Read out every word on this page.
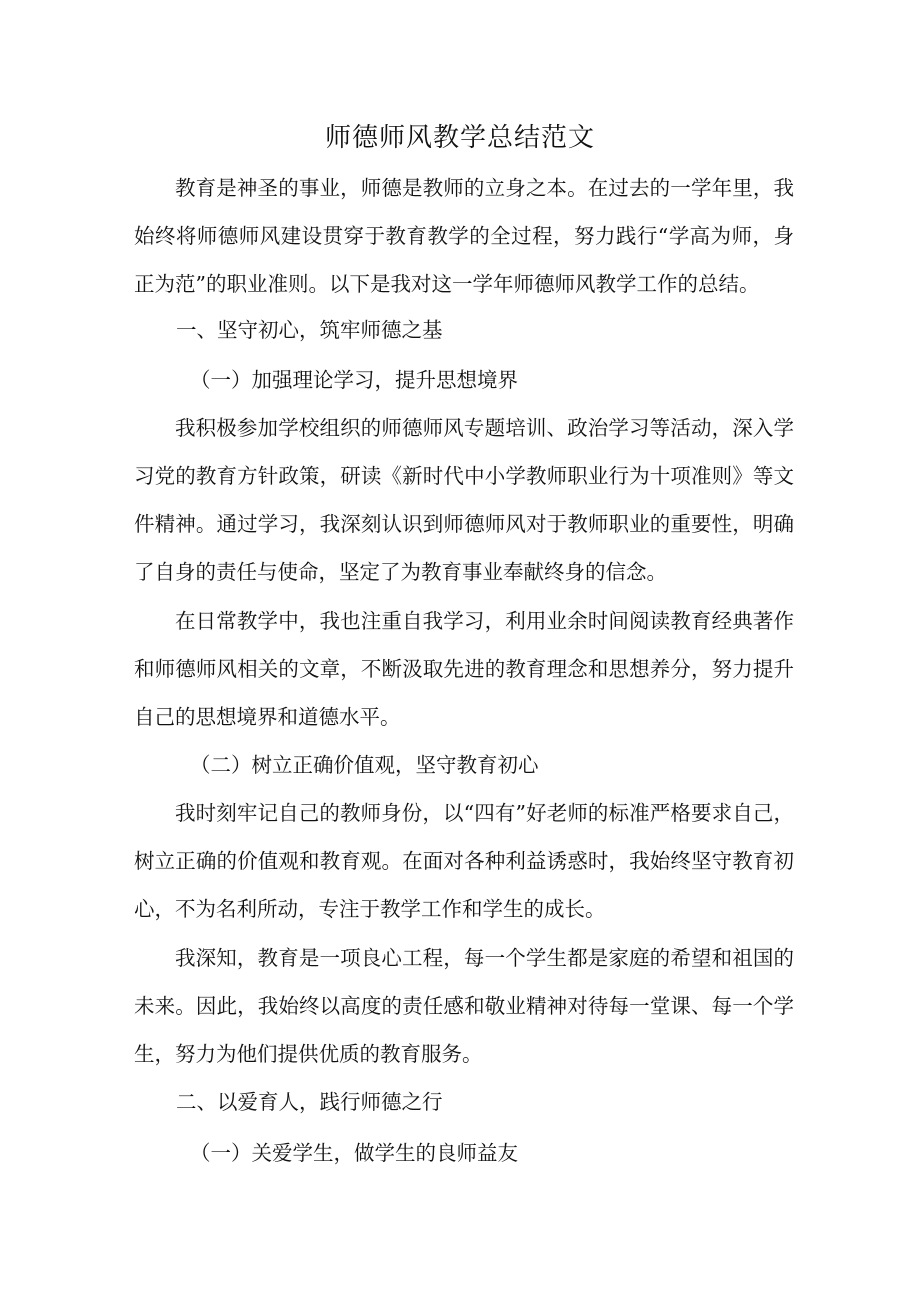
师德师风教学总结范文

教育是神圣的事业，师德是教师的立身之本。在过去的一学年里，我始终将师德师风建设贯穿于教育教学的全过程，努力践行“学高为师，身正为范”的职业准则。以下是我对这一学年师德师风教学工作的总结。

一、坚守初心，筑牢师德之基
（一）加强理论学习，提升思想境界

我积极参加学校组织的师德师风专题培训、政治学习等活动，深入学习党的教育方针政策，研读《新时代中小学教师职业行为十项准则》等文件精神。通过学习，我深刻认识到师德师风对于教师职业的重要性，明确了自身的责任与使命，坚定了为教育事业奉献终身的信念。

在日常教学中，我也注重自我学习，利用业余时间阅读教育经典著作和师德师风相关的文章，不断汲取先进的教育理念和思想养分，努力提升自己的思想境界和道德水平。

（二）树立正确价值观，坚守教育初心

我时刻牢记自己的教师身份，以“四有”好老师的标准严格要求自己，树立正确的价值观和教育观。在面对各种利益诱惑时，我始终坚守教育初心，不为名利所动，专注于教学工作和学生的成长。

我深知，教育是一项良心工程，每一个学生都是家庭的希望和祖国的未来。因此，我始终以高度的责任感和敬业精神对待每一堂课、每一个学生，努力为他们提供优质的教育服务。

二、以爱育人，践行师德之行
（一）关爱学生，做学生的良师益友
